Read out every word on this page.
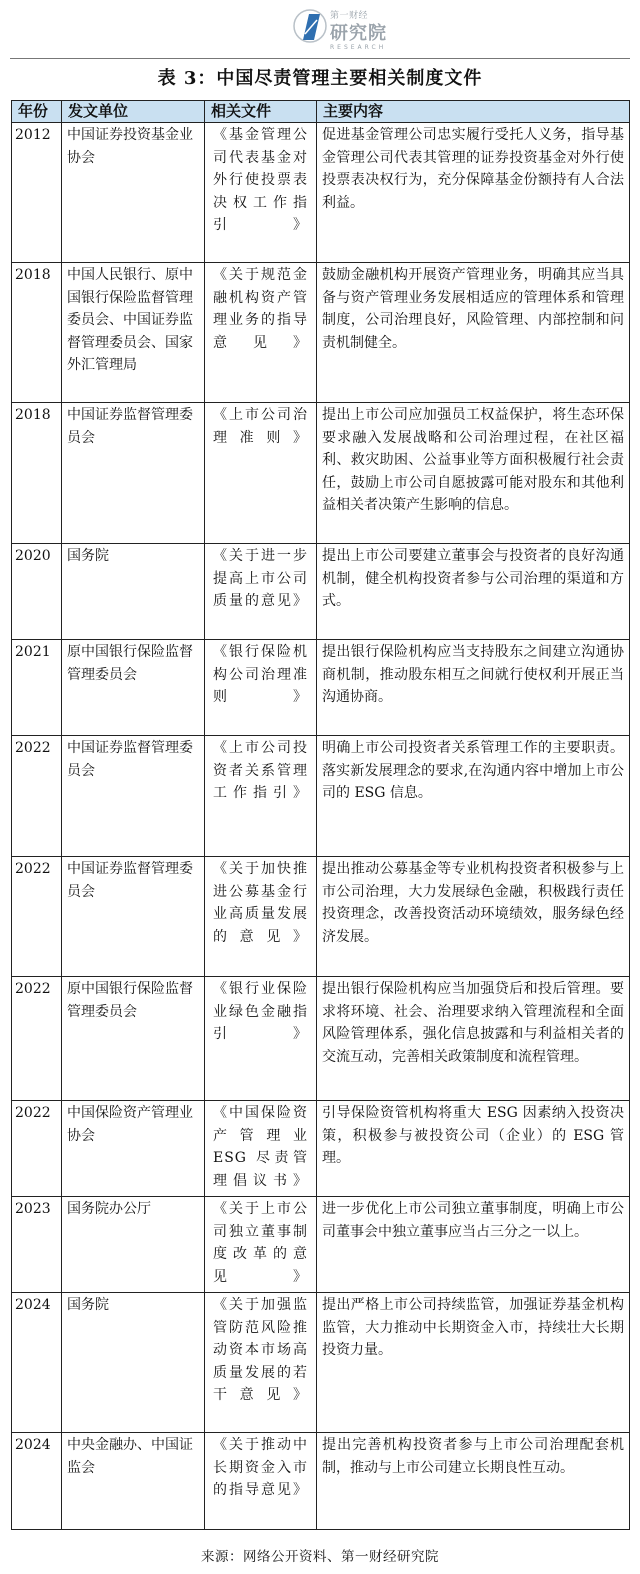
第一财经
研究院
RESEARCH
表 3：中国尽责管理主要相关制度文件
年份	发文单位	相关文件	主要内容
2012	中国证券投资基金业协会	《基金管理公司代表基金对外行使投票表决权工作指引》	促进基金管理公司忠实履行受托人义务，指导基金管理公司代表其管理的证券投资基金对外行使投票表决权行为，充分保障基金份额持有人合法利益。
2018	中国人民银行、原中国银行保险监督管理委员会、中国证券监督管理委员会、国家外汇管理局	《关于规范金融机构资产管理业务的指导意见》	鼓励金融机构开展资产管理业务，明确其应当具备与资产管理业务发展相适应的管理体系和管理制度，公司治理良好，风险管理、内部控制和问责机制健全。
2018	中国证券监督管理委员会	《上市公司治理准则》	提出上市公司应加强员工权益保护，将生态环保要求融入发展战略和公司治理过程，在社区福利、救灾助困、公益事业等方面积极履行社会责任，鼓励上市公司自愿披露可能对股东和其他利益相关者决策产生影响的信息。
2020	国务院	《关于进一步提高上市公司质量的意见》	提出上市公司要建立董事会与投资者的良好沟通机制，健全机构投资者参与公司治理的渠道和方式。
2021	原中国银行保险监督管理委员会	《银行保险机构公司治理准则》	提出银行保险机构应当支持股东之间建立沟通协商机制，推动股东相互之间就行使权利开展正当沟通协商。
2022	中国证券监督管理委员会	《上市公司投资者关系管理工作指引》	明确上市公司投资者关系管理工作的主要职责。落实新发展理念的要求,在沟通内容中增加上市公司的 ESG 信息。
2022	中国证券监督管理委员会	《关于加快推进公募基金行业高质量发展的意见》	提出推动公募基金等专业机构投资者积极参与上市公司治理，大力发展绿色金融，积极践行责任投资理念，改善投资活动环境绩效，服务绿色经济发展。
2022	原中国银行保险监督管理委员会	《银行业保险业绿色金融指引》	提出银行保险机构应当加强贷后和投后管理。要求将环境、社会、治理要求纳入管理流程和全面风险管理体系，强化信息披露和与利益相关者的交流互动，完善相关政策制度和流程管理。
2022	中国保险资产管理业协会	《中国保险资产管理业 ESG 尽责管理倡议书》	引导保险资管机构将重大 ESG 因素纳入投资决策，积极参与被投资公司（企业）的 ESG 管理。
2023	国务院办公厅	《关于上市公司独立董事制度改革的意见》	进一步优化上市公司独立董事制度，明确上市公司董事会中独立董事应当占三分之一以上。
2024	国务院	《关于加强监管防范风险推动资本市场高质量发展的若干意见》	提出严格上市公司持续监管，加强证券基金机构监管，大力推动中长期资金入市，持续壮大长期投资力量。
2024	中央金融办、中国证监会	《关于推动中长期资金入市的指导意见》	提出完善机构投资者参与上市公司治理配套机制，推动与上市公司建立长期良性互动。
来源：网络公开资料、第一财经研究院
